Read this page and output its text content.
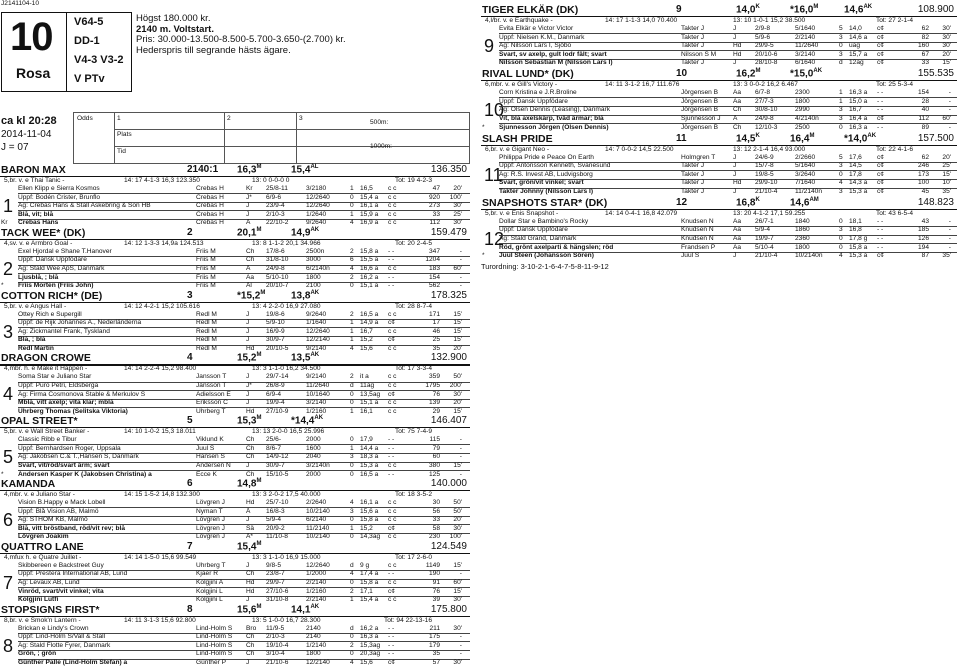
J2141104-10
10
Rosa
V64-5
DD-1
V4-3 V3-2
V PTv
Högst 180.000 kr.
2140 m. Voltstart.
Pris: 30.000-13.500-8.500-5.700-3.650-(2.700) kr.
Hederspris till segrande hästs ägare.
ca kl 20:28
2014-11-04
J = 07
Odds	1	2	3
Plats
Tid
500m:
1000m:
BARON MAX	2140:1 $16,3^M$	$15,4^{AL}$	136.350
5,br. v. e Thai Tanic -	14: 17 4-1-3 16,3 123.350	13: 0 0-0-0 0	Tot: 19 4-2-3
1
Ellen Klipp e Sierra Kosmos	Crebas H	Kr	25/8-11	3/2180	1 16,5	c c	47	20'
Uppf: Bodén Crister, Brunflo	Crebas H	J*	6/9-6	12/2640	0 15,4 a	c c	920	100'
Äg: Crebas Hans & Stall Askebring & Son HB	Crebas H	J	23/9-4	12/2640	0 16,1 a	c c	273	30'
Blå, vit; blå	Crebas H	J	2/10-3	1/2640	1 15,9 a	c c	33	25'
Kr Crebas Hans	Crebas H	Å	22/10-2	9/2640	4 16,9 a	c c	112	30'
TACK WEE* (DK)	2	$20,1^M$	$14,9^{AK}$	159.479
4,sv. v. e Armbro Goal -	14: 12 1-3-3 14,9a 124.513	13: 8 1-1-2 20,1 34.966	Tot: 20 2-4-5
2
Exel Hjordal e Shane T.Hanover	Friis M	Ch	17/8-6	2500n	2 15,8 a	- -	347	-
Uppf: Dansk Uppfödare	Friis M	Ch	31/8-10	3000	6 15,5 a	- -	1204	-
Äg: Stald Wee ApS, Danmark	Friis M	Å	24/9-8	6/2140n	4 16,6 a	c c	183	60'
Ljusblå, ; blå	Friis M	Aa	5/10-10	1800	2 16,2 a	- -	154	-
* Friis Morten (Friis John)	Friis M	Ål	20/10-7	2100	0 15,1 a	- -	562	-
COTTON RICH* (DE)	3	$*15,2^M$	$13,8^{AK}$	178.325
5,br. v. e Angus Hall -	14: 12 4-2-1 15,2 105.616	13: 4 2-2-0 16,9 27.080	Tot: 28 8-7-4
3
Ottey Rich e Supergill	Redl M	J	19/8-6	9/2640	2 16,5 a	c c	171	15'
Uppf: de Rijk Johannes A., Nederländerna	Redl M	J	5/9-10	1/1640	1 14,9 a	c¢	17	15'
Äg: Zickmantel Frank, Tyskland	Redl M	J	16/9-9	12/2640	1 16,7	c c	46	15'
Blå, ; blå	Redl M	J	30/9-7	12/2140	1 15,2	c¢	25	15'
Redl Martin	Redl M	Hd	20/10-5	9/2140	4 15,6	c c	35	20'
DRAGON CROWE	4	$15,2^M$	$13,5^{AK}$	132.900
4,mbr. h. e Make it Happen -	14: 14 2-2-4 15,2 98.400	13: 3 1-1-0 16,2 34.500	Tot: 17 3-3-4
4
Soma Star e Juliano Star	Jansson T	J	29/7-14	9/2140	2 it a	c c	359	50'
Uppf: Puro Petri, Eldsberga	Jansson T	J*	26/8-9	11/2640	d 11ag	c c	1795	200'
Äg: Firma Cosmonova Stable & Merkulov S	Adielsson E	J	6/9-4	10/1640	0 13,5ag	c¢	76	30'
Mblå, vitt axelp; vita klar; mblå	Eriksson C	J	19/9-4	3/2140	0 15,1 a	c c	139	20'
Uhrberg Thomas (Selitska Viktoria)	Uhrberg T	Hd	27/10-9	1/2160	1 16,1	c c	29	15'
OPAL STREET*	5	$15,3^M$	$*14,4^{AK}$	146.407
5,br. v. e Wall Street Banker -	14: 10 1-0-2 15,3 18.011	13: 13 2-0-0 16,5 25.996	Tot: 75 7-4-9
5
Classic Ribb e Tibur	Viklund K	Ch	25/6-	2000	0 17,9	- -	115	-
Uppf: Bernhardsen Roger, Uppsala	Juul S	Ch	8/6-7	1600	1 14,4 a	- -	79	-
Äg: Jakobsen C.& T.,Hansen S, Danmark	Hansen S	Ch	14/9-12	2040	3 18,3 a	- -	60	-
Svart, vit/röd/svart ärm; svart	Andersen N	J	30/9-7	3/2140n	0 15,3 a	c c	380	15'
* Andersen Kasper K (Jakobsen Christina) a	Ecce K	Ch	15/10-5	2000	0 16,5 a	- -	125	-
KAMANDA	6	$14,8^M$	140.000
4,mbr. v. e Juliano Star -	14: 15 1-5-2 14,8 132.300	13: 3 2-0-2 17,5 40.000	Tot: 18 3-5-2
6
Vision B.Happy e Mack Lobell	Lövgren J	Hd	25/7-10	2/2640	4 16,1 a	c c	30	50'
Uppf: Blå Vision AB, Malmö	Nyman T	Å	16/8-3	10/2140	3 15,6 a	c c	56	50'
Äg: STHOM KB, Malmö	Lövgren J	J	5/9-4	6/2140	0 15,8 a	c c	33	20'
Blå, vitt bröstband, röd/vit rev; blå	Lövgren J	Sä	20/9-2	11/2140	1 15,2	c¢	58	30'
Lövgren Joakim	Lövgren J	Å*	11/10-8	10/2140	0 14,3ag	c c	230	100'
QUATTRO LANE	7	$15,4^M$	124.549
4,mfux h. e Quatre Juillet -	14: 14 1-5-0 15,6 99.549	13: 3 1-1-0 16,9 15.000	Tot: 17 2-6-0
7
Skibbereen e Backstreet Guy	Uhrberg T	J	9/8-5	12/2640	d 9 g	c c	1149	15'
Uppf: Prestera International AB, Lund	Kjaer R	Ch	23/8-7	1/2000	4 17,4 a	- -	190	-
Äg: Levaux AB, Lund	Kolgjini A	Hd	29/9-7	2/2140	0 15,8 a	c c	91	60'
Vinröd, svart/vit vinkel; vita	Kolgjini L	Hd	27/10-6	1/2160	2 17,1	c¢	76	15'
Kolgjini Lutfi	Kolgjini L	J	31/10-8	2/2140	1 15,4 a	c c	39	30'
STOPSIGNS FIRST*	8	$15,6^M$	$14,1^{AK}$	175.800
8,br. v. e Smok'n Lantern -	14: 11 3-1-3 15,6 92.800	13: 5 1-0-0 16,7 28.300	Tot: 94 22-13-16
8
Brickan e Lindy's Crown	Lind-Holm S	Bro	11/9-5	2140	d 16,2 a	- -	211	30'
Uppf: Lind-Holm S/Vall & Stall	Lind-Holm S	Ch	2/10-3	2140	0 16,3 a	- -	175	-
Äg: Stald Flotte Fyrer, Danmark	Lind-Holm S	Ch	19/10-4	1/2140	2 15,3ag	- -	179	-
Grön, ; grön	Lind-Holm S	Ch	3/10-4	1800	0 20,3ag	- -	35	-
Günther Palle (Lind-Holm Stefan) a	Günther P	J	21/10-6	12/2140	4 15,6	c¢	57	30'
TIGER ELKÄR (DK)	9	$14,0^K$	$*16,0^M$	$14,6^{AK}$	108.900
4,l/br. v. e Earthquake -	14: 17 1-1-3 14,0 70.400	13: 10 1-0-1 15,2 38.500	Tot: 27 2-1-4
9
Evita Elkär e Victor Victor	Takter J	J	2/9-8	5/1640	5 14,0	c¢	62	30'
Uppf: Nielsen K.M., Danmark	Takter J	J	5/9-6	2/2140	3 14,6 a	c¢	82	30'
Äg: Nilsson Lars I, Sjöbo	Takter J	Hd	29/9-5	11/2640	0 uag	c¢	160	30'
Svart, sv axelp, gult lodr fält; svart	Nilsson S M	Hd	20/10-6	3/2140	3 15,7 a	c¢	67	20'
Nilsson Sebastian M (Nilsson Lars I)	Takter J	J	28/10-8	6/1640	d 12ag	c¢	33	15'
RIVAL LUND* (DK)	10	$16,2^M$	$*15,0^{AK}$	155.535
6,mbr. v. e Gill's Victory -	14: 11 3-1-2 16,7 111.676	13: 3 0-0-2 16,2 6.467	Tot: 25 5-3-4
10
Corn Kristina e J.R.Broline	Jörgensen B	Aa	6/7-8	2300	1 16,3 a	- -	154	-
Uppf: Dansk Uppfödare	Jörgensen B	Aa	27/7-3	1800	1 15,0 a	- -	28	-
Äg: Olsen Dennis (Leasing), Danmark	Jörgensen B	Ch	30/8-10	2990	3 16,7	- -	40	-
Vit, blå axelskärp, tväd ärmar; blå	Sjunnesson J	Å	24/9-8	4/2140n	3 16,4 a	c¢	112	60'
* Sjunnesson Jörgen (Olsen Dennis)	Jörgensen B	Ch	12/10-3	2500	0 16,3 a	- -	89	-
SLASH PRIDE	11	$14,5^K$	$16,4^M$	$*14,0^{AK}$	157.500
6,br. v. e Gigant Neo -	14: 7 0-0-2 14,5 22.500	13: 12 2-1-4 16,4 93.000	Tot: 22 4-1-6
11
Philippa Pride e Peace On Earth	Holmgren T	J	24/6-9	2/2660	5 17,6	c¢	62	20'
Uppf: Antonsson Kenneth, Svanesund	Takter J	J	15/7-8	5/1640	3 14,5	c¢	246	25'
Äg: R.S. Invest AB, Ludvigsborg	Takter J	J	19/8-5	3/2640	0 17,8	c¢	173	15'
Svart, grön/vit vinkel; svart	Takter J	Hd	29/9-10	7/1640	4 14,3 a	c¢	100	10'
Takter Johnny (Nilsson Lars I)	Takter J	J	21/10-4	11/2140n	3 15,3 a	c¢	45	35'
SNAPSHOTS STAR* (DK)	12	$16,8^K$	$14,6^{AM}$	148.823
5,br. v. e Enis Snapshot -	14: 14 0-4-1 16,8 42.079	13: 20 4-1-2 17,1 59.255	Tot: 43 6-5-4
12
Dollar Star e Bambino's Rocky	Knudsen N	Aa	26/7-1	1840	0 18,1	- -	43	-
Uppf: Dansk Uppfödare	Knudsen N	Aa	5/9-4	1860	3 16,8	- -	185	-
Äg: Stald Grand, Danmark	Knudsen N	Aa	19/9-7	2360	0 17,8 g	- -	126	-
Röd, grönt axelparti & hängslen; röd	Frandsen P	Aa	5/10-4	1800	0 15,8 a	- -	194	-
* Juul Steen (Johansson Sören)	Juul S	J	21/10-4	10/2140n	4 15,3 a	c¢	87	35'
Turordning: 3-10-2-1-6-4-7-5-8-11-9-12
